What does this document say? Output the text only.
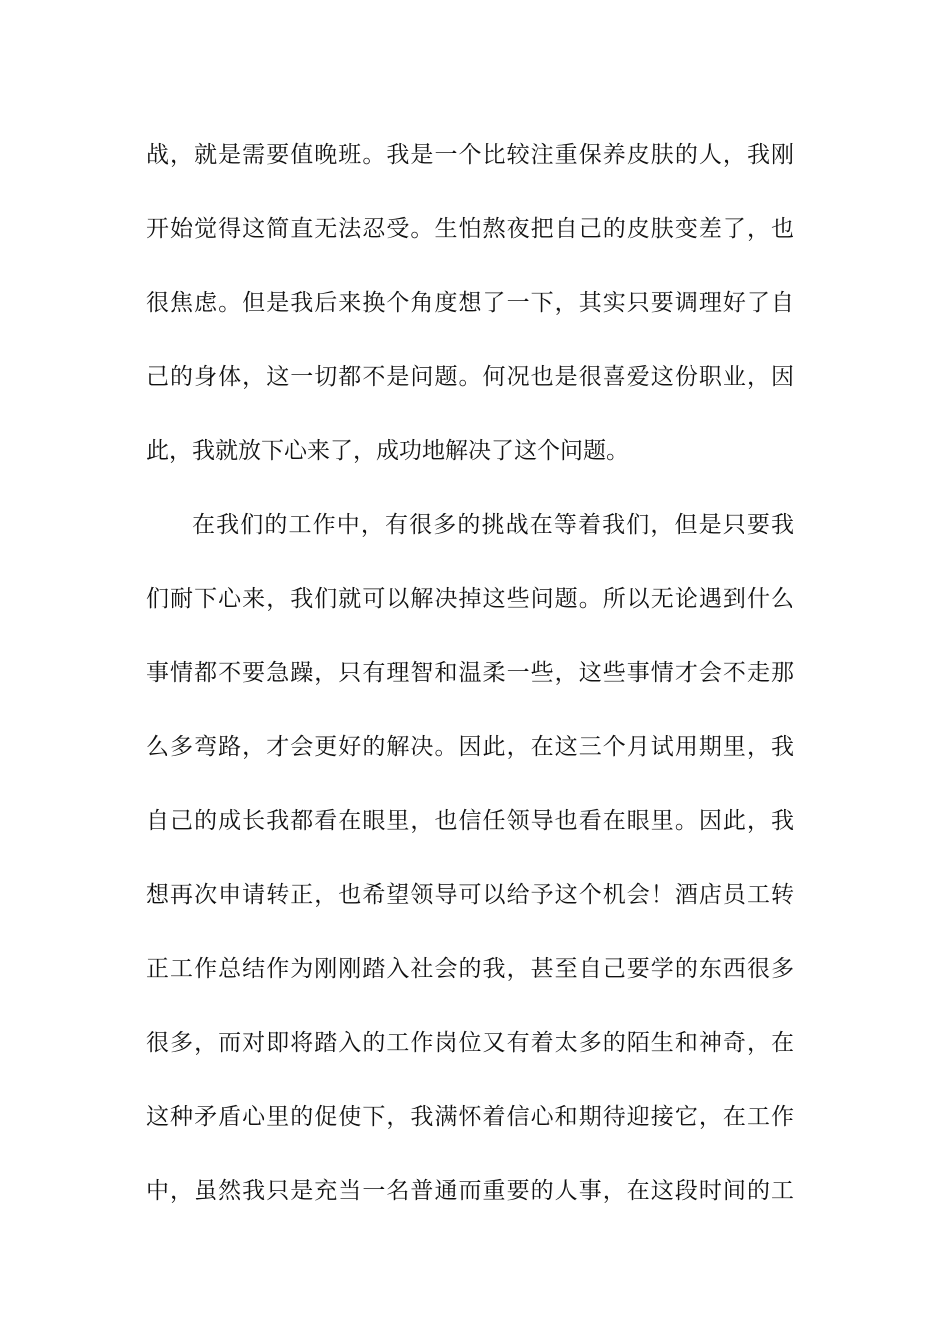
战，就是需要值晚班。我是一个比较注重保养皮肤的人，我刚
开始觉得这简直无法忍受。生怕熬夜把自己的皮肤变差了，也
很焦虑。但是我后来换个角度想了一下，其实只要调理好了自
己的身体，这一切都不是问题。何况也是很喜爱这份职业，因
此，我就放下心来了，成功地解决了这个问题。
在我们的工作中，有很多的挑战在等着我们，但是只要我
们耐下心来，我们就可以解决掉这些问题。所以无论遇到什么
事情都不要急躁，只有理智和温柔一些，这些事情才会不走那
么多弯路，才会更好的解决。因此，在这三个月试用期里，我
自己的成长我都看在眼里，也信任领导也看在眼里。因此，我
想再次申请转正，也希望领导可以给予这个机会！酒店员工转
正工作总结作为刚刚踏入社会的我，甚至自己要学的东西很多
很多，而对即将踏入的工作岗位又有着太多的陌生和神奇，在
这种矛盾心里的促使下，我满怀着信心和期待迎接它，在工作
中，虽然我只是充当一名普通而重要的人事，在这段时间的工
